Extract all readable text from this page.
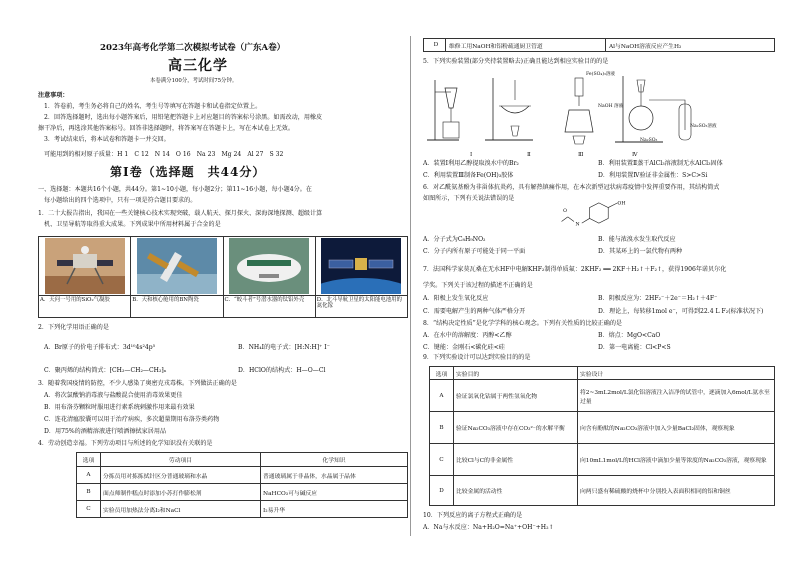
2023年高考化学第二次模拟考试卷（广东A卷）
高三化学
本卷满分100分，考试时间75分钟。
注意事项：
1．答卷前，考生务必将自己的姓名、考生号等填写在答题卡和试卷指定位置上。
2．回答选择题时，选出每小题答案后，用铅笔把答题卡上对应题目的答案标号涂黑。如需改动，用橡皮
擦干净后，再选涂其他答案标号。回答非选择题时，将答案写在答题卡上，写在本试卷上无效。
3．考试结束后，将本试卷和答题卡一并交回。
可能用到的相对原子质量：H 1　C 12　N 14　O 16　Na 23　Mg 24　Al 27　S 32
第Ⅰ卷（选择题　共44分）
一、选择题：本题共16个小题，共44分。第1~10小题，每小题2分；第11~16小题，每小题4分。在
每小题给出的四个选项中，只有一项是符合题目要求的。
1．二十大报告指出，我国在一些关键核心技术实现突破，载人航天、探月探火、深海深地探测、超级计算
机、卫星导航等取得重大成果。下列成果中所用材料属于合金的是
A．天问一号用的SiO₂气凝胶	B．天和核心舱用的BN陶瓷	C．“蛟斗者”号潜水器的钛铝外壳	D．北斗导航卫星的太阳能电池用的氮化镓
2．下列化学用语正确的是
A．Br原子的价电子排布式：3d¹⁰4s²4p⁵	B．NH₄I的电子式：[H:N:H]⁺ I⁻
C．聚丙烯的结构简式：⁅CH₂—CH₂—CH₂⁆ₙ	D．HClO的结构式：H—O—Cl
3．随着我国疫情的防控，不少人感染了奥密克戎毒株。下列做法正确的是
A．将次氯酸钠消毒液与盐酸混合使用消毒效果更佳
B．用布洛芬颗粒时服用进行素系统刺激作用来最有效果
C．连花清瘟胶囊可以用于治疗病疾，多次超量期用布洛芬类药物
D．用75%的酒精溶液进行喷洒擦拭家居用品
4．劳动创造幸福。下列劳动项目与所述的化学知识没有关联的是
选项	劳动项目	化学知识
A	分拣员用对拣拣拭针区分普通玻璃和水晶	普通玻璃属于非晶体，水晶属于晶体
B	面点师制作糕点时添加小苏打作膨松剂	NaHCO₃可与碱反应
C	实验员用加热法分离I₂和NaCl	I₂易升华
D	维修工用NaOH和铝粉疏通厨卫管道	Al与NaOH溶液反应产生H₂
5．下列实验装置(部分夹持装置略去)正确且能达到相应实验目的的是
Ⅰ	Ⅱ	Ⅲ	Ⅳ
NaOH 溶液
Fe(SO₄)₃溶液
Na₂SO₃
Na₂SO₃溶液
A．装置Ⅰ利用乙醇提取溴水中的Br₂	B．利用装置Ⅱ蒸干AlCl₃溶液制无水AlCl₃固体
C．利用装置Ⅲ制备Fe(OH)₃胶体	D．利用装置Ⅳ验证非金属性：S>C>Si
6．对乙酰氨基酚为非甾体抗炎药，具有解热镇痛作用，在本次新型冠状病毒疫情中发挥重要作用，其结构简式
如图所示，下列有关说法错误的是
OH
N
O
A．分子式为C₈H₉NO₂	B．能与浓溴水发生取代反应
C．分子内所有原子可能处于同一平面	D．其某环上的一氯代物有两种
7．法国科学家莫瓦桑在无水HF中电解KHF₂制得单质氟：2KHF₂ ══ 2KF＋H₂↑＋F₂↑，获得1906年诺贝尔化
学奖。下列关于该过程的描述不正确的是
A．阳极上发生氧化反应	B．阴极反应为：2HF₂⁻＋2e⁻＝H₂↑＋4F⁻
C．需要电解产生的两种气体严格分开	D．理论上，每转移1mol e⁻，可得到22.4 L F₂(标准状况下)
8．“结构决定性质”是化学学科的核心观念。下列有关性质的比较正确的是
A．在水中的溶解度：丙醇<乙醇	B．熔点：MgO<CaO
C．键能：金刚石<碳化硅<硅	D．第一电离能：Cl<P<S
9．下列实验设计可以达到实验目的的是
选项	实验目的	实验设计
A	验证氯氧化钴属于两性氢氧化物	将2~3mL2mol/L氯化铝溶液注入洁净的试管中，逐滴加入6mol/L氨水至过量
B	验证Na₂CO₃溶液中存在CO₃²⁻的水解平衡	向含有酚酞的Na₂CO₃溶液中加入少量BaCl₂固体，观察现象
C	比较Cl与C的非金属性	向10mL1mol/L的HCl溶液中滴加少量等浓度的Na₂CO₃溶液，观察现象
D	比较金属的活动性	向两只盛有稀硫酸的烧杯中分别投入表面积相同的铝和铜丝
10．下列反应的离子方程式正确的是
A．Na与水反应：Na+H₂O=Na⁺+OH⁻+H₂↑
